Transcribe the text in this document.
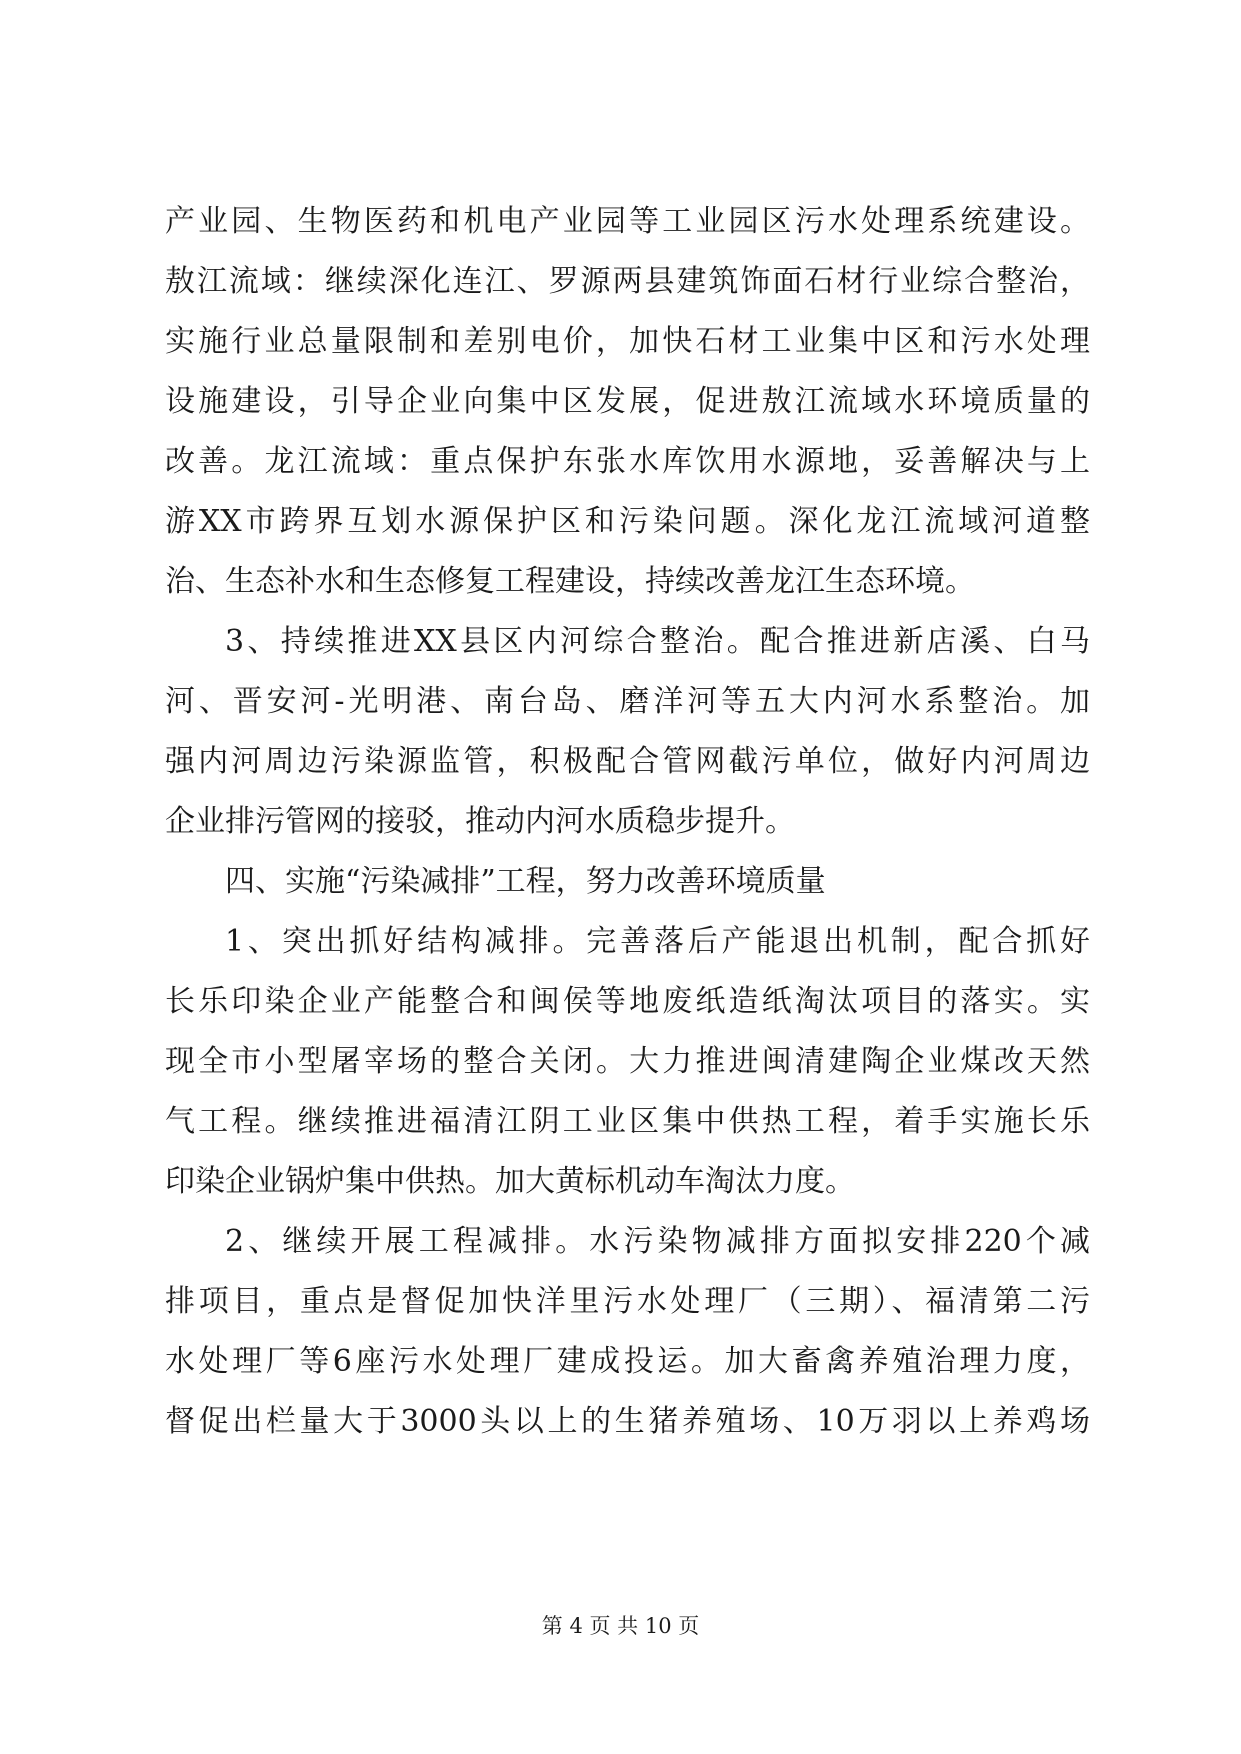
产业园、生物医药和机电产业园等工业园区污水处理系统建设。
敖江流域：继续深化连江、罗源两县建筑饰面石材行业综合整治，
实施行业总量限制和差别电价，加快石材工业集中区和污水处理
设施建设，引导企业向集中区发展，促进敖江流域水环境质量的
改善。龙江流域：重点保护东张水库饮用水源地，妥善解决与上
游XX市跨界互划水源保护区和污染问题。深化龙江流域河道整
治、生态补水和生态修复工程建设，持续改善龙江生态环境。
3、持续推进XX县区内河综合整治。配合推进新店溪、白马
河、晋安河-光明港、南台岛、磨洋河等五大内河水系整治。加
强内河周边污染源监管，积极配合管网截污单位，做好内河周边
企业排污管网的接驳，推动内河水质稳步提升。
四、实施“污染减排”工程，努力改善环境质量
1、突出抓好结构减排。完善落后产能退出机制，配合抓好
长乐印染企业产能整合和闽侯等地废纸造纸淘汰项目的落实。实
现全市小型屠宰场的整合关闭。大力推进闽清建陶企业煤改天然
气工程。继续推进福清江阴工业区集中供热工程，着手实施长乐
印染企业锅炉集中供热。加大黄标机动车淘汰力度。
2、继续开展工程减排。水污染物减排方面拟安排220个减
排项目，重点是督促加快洋里污水处理厂（三期）、福清第二污
水处理厂等6座污水处理厂建成投运。加大畜禽养殖治理力度，
督促出栏量大于3000头以上的生猪养殖场、10万羽以上养鸡场
第 4 页 共 10 页
